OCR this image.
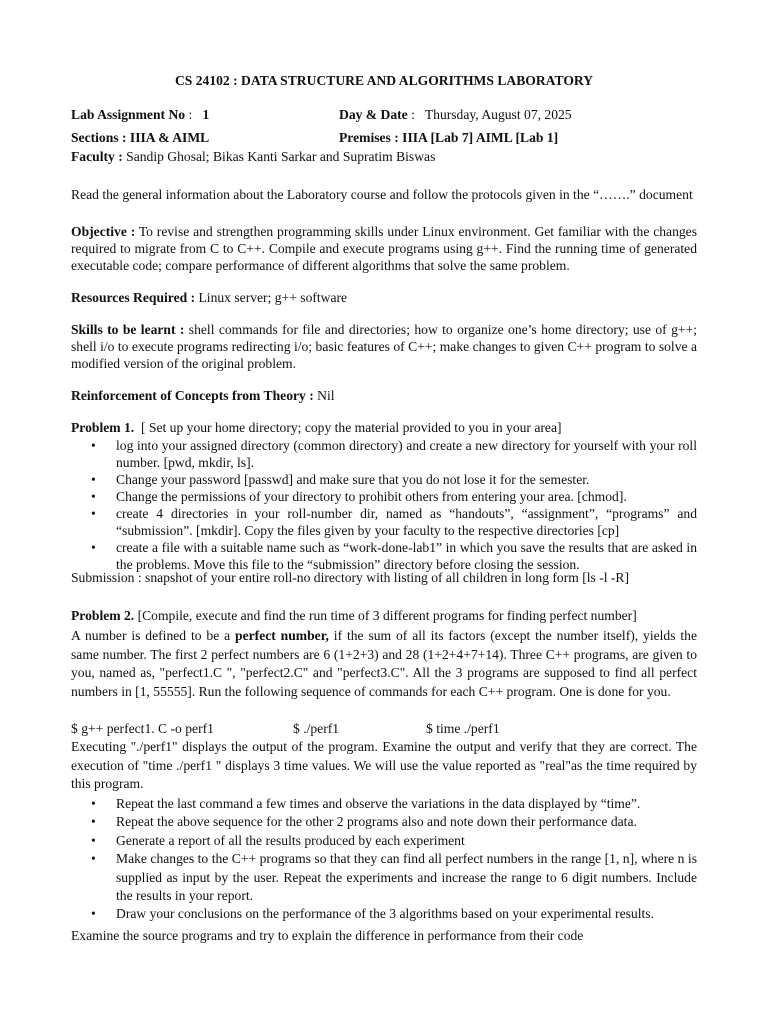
CS 24102 : DATA STRUCTURE AND ALGORITHMS LABORATORY
Lab Assignment No :   1	Day & Date :   Thursday, August 07, 2025
Sections : IIIA & AIML	Premises : IIIA [Lab 7] AIML [Lab 1]
Faculty : Sandip Ghosal; Bikas Kanti Sarkar and Supratim Biswas
Read the general information about the Laboratory course and follow the protocols given in the “…….” document
Objective : To revise and strengthen programming skills under Linux environment. Get familiar with the changes required to migrate from C to C++. Compile and execute programs using g++. Find the running time of generated executable code; compare performance of different algorithms that solve the same problem.
Resources Required : Linux server; g++ software
Skills to be learnt : shell commands for file and directories; how to organize one’s home directory; use of g++; shell i/o to execute programs redirecting i/o; basic features of C++; make changes to given C++ program to solve a modified version of the original problem.
Reinforcement of Concepts from Theory : Nil
Problem 1.  [ Set up your home directory; copy the material provided to you in your area]
• log into your assigned directory (common directory) and create a new directory for yourself with your roll number. [pwd, mkdir, ls].
• Change your password [passwd] and make sure that you do not lose it for the semester.
• Change the permissions of your directory to prohibit others from entering your area. [chmod].
• create 4 directories in your roll-number dir, named as “handouts”, “assignment”, “programs” and “submission”. [mkdir]. Copy the files given by your faculty to the respective directories [cp]
• create a file with a suitable name such as “work-done-lab1” in which you save the results that are asked in the problems. Move this file to the “submission” directory before closing the session.
Submission : snapshot of your entire roll-no directory with listing of all children in long form [ls -l -R]
Problem 2. [Compile, execute and find the run time of 3 different programs for finding perfect number]
A number is defined to be a perfect number, if the sum of all its factors (except the number itself), yields the same number. The first 2 perfect numbers are 6 (1+2+3) and 28 (1+2+4+7+14). Three C++ programs, are given to you, named as, "perfect1.C ", "perfect2.C" and "perfect3.C". All the 3 programs are supposed to find all perfect numbers in [1, 55555]. Run the following sequence of commands for each C++ program. One is done for you.
$ g++ perfect1. C -o perf1	$ ./perf1	$ time ./perf1
Executing "./perf1" displays the output of the program. Examine the output and verify that they are correct. The execution of "time ./perf1 " displays 3 time values. We will use the value reported as "real"as the time required by this program.
• Repeat the last command a few times and observe the variations in the data displayed by “time”.
• Repeat the above sequence for the other 2 programs also and note down their performance data.
• Generate a report of all the results produced by each experiment
• Make changes to the C++ programs so that they can find all perfect numbers in the range [1, n], where n is supplied as input by the user. Repeat the experiments and increase the range to 6 digit numbers. Include the results in your report.
• Draw your conclusions on the performance of the 3 algorithms based on your experimental results.
Examine the source programs and try to explain the difference in performance from their code
